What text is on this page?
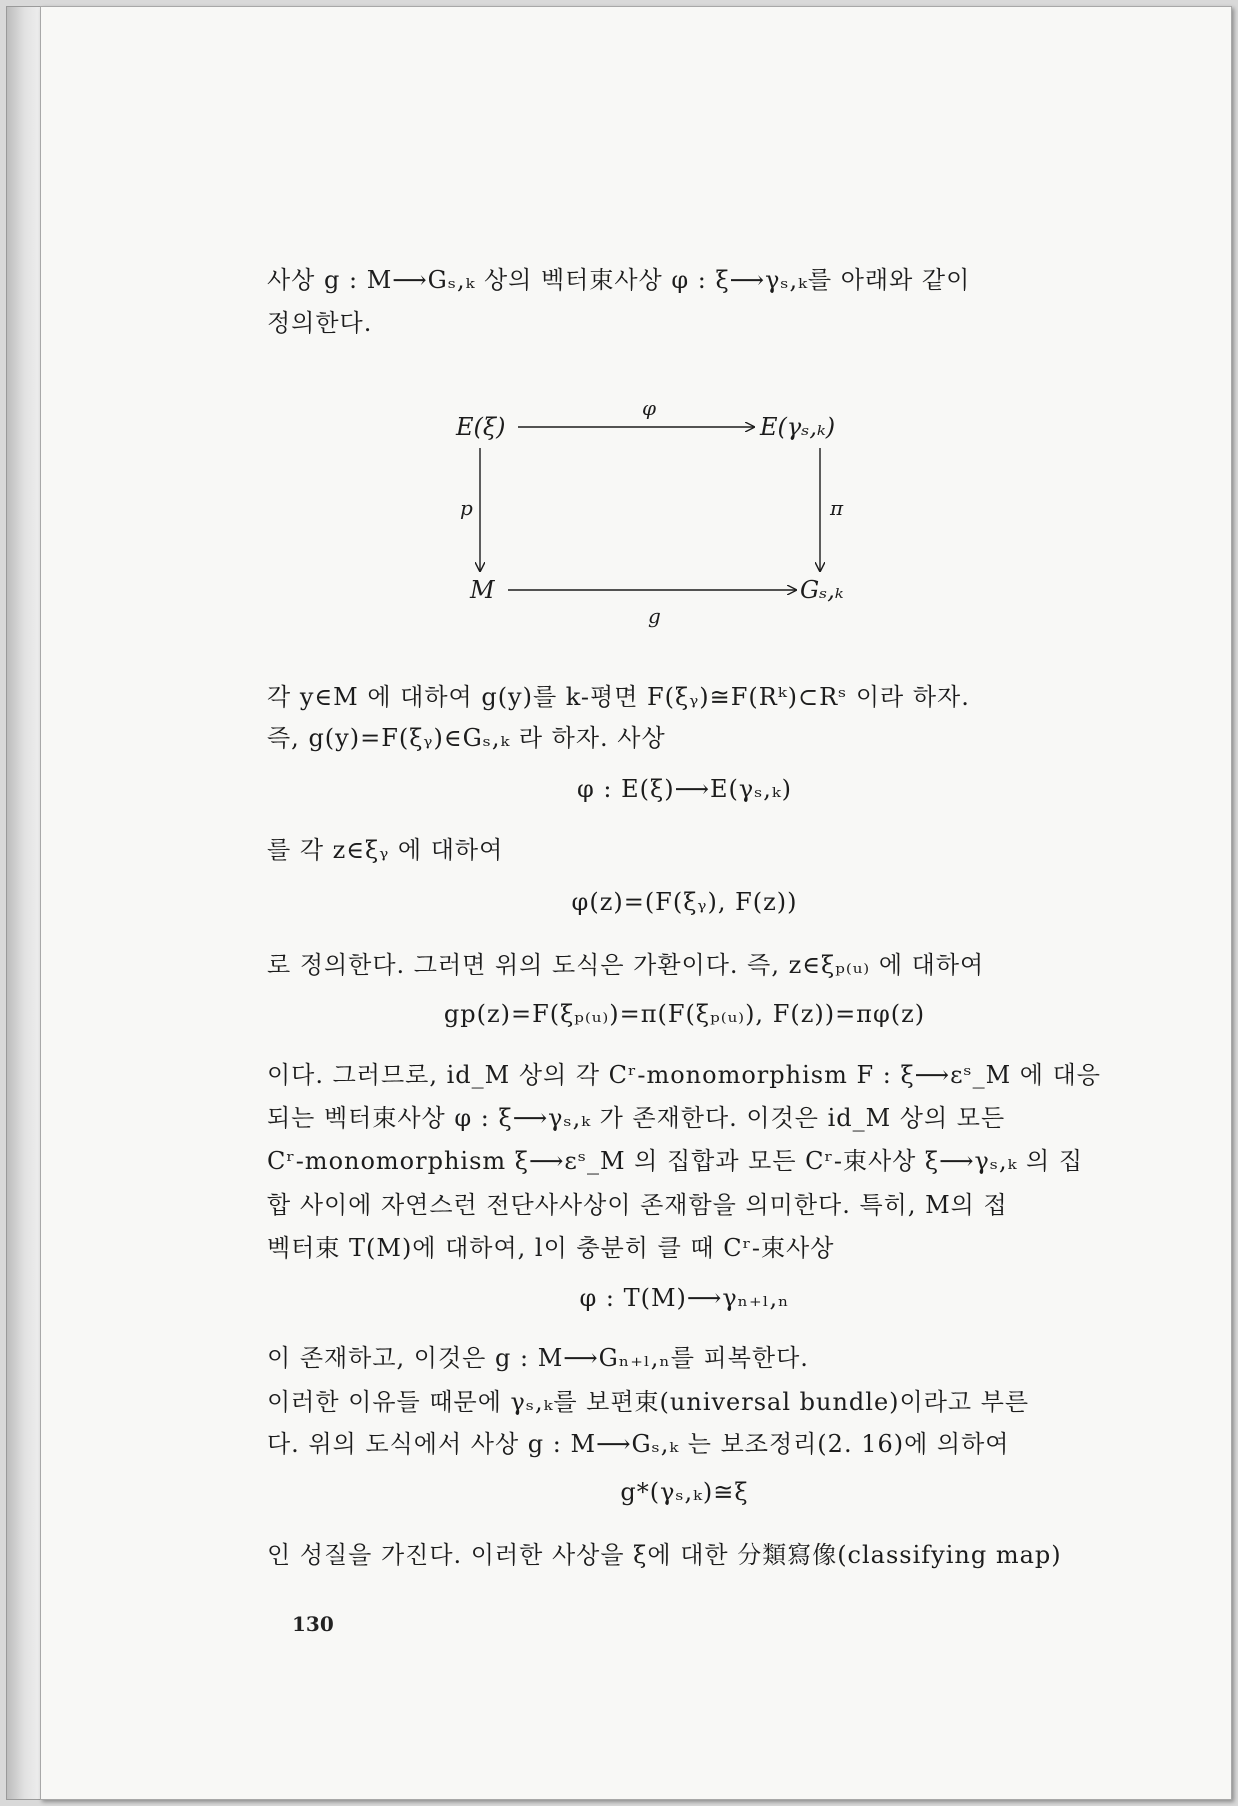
사상 g : M⟶Gₛ,ₖ 상의 벡터束사상 φ : ξ⟶γₛ,ₖ를 아래와 같이
정의한다.
E(ξ)	E(γₛ,ₖ)
M	Gₛ,ₖ
φ
p	π
g
각 y∈M 에 대하여 g(y)를 k-평면 F(ξᵧ)≅F(Rᵏ)⊂Rˢ 이라 하자.
즉, g(y)=F(ξᵧ)∈Gₛ,ₖ 라 하자. 사상
φ : E(ξ)⟶E(γₛ,ₖ)
를 각 z∈ξᵧ 에 대하여
φ(z)=(F(ξᵧ), F(z))
로 정의한다. 그러면 위의 도식은 가환이다. 즉, z∈ξₚ₍ᵤ₎ 에 대하여
gp(z)=F(ξₚ₍ᵤ₎)=π(F(ξₚ₍ᵤ₎), F(z))=πφ(z)
이다. 그러므로, id_M 상의 각 Cʳ-monomorphism F : ξ⟶εˢ_M 에 대응
되는 벡터束사상 φ : ξ⟶γₛ,ₖ 가 존재한다. 이것은 id_M 상의 모든
Cʳ-monomorphism ξ⟶εˢ_M 의 집합과 모든 Cʳ-束사상 ξ⟶γₛ,ₖ 의 집
합 사이에 자연스런 전단사사상이 존재함을 의미한다. 특히, M의 접
벡터束 T(M)에 대하여, l이 충분히 클 때 Cʳ-束사상
φ : T(M)⟶γₙ₊ₗ,ₙ
이 존재하고, 이것은 g : M⟶Gₙ₊ₗ,ₙ를 피복한다.
이러한 이유들 때문에 γₛ,ₖ를 보편束(universal bundle)이라고 부른
다. 위의 도식에서 사상 g : M⟶Gₛ,ₖ 는 보조정리(2. 16)에 의하여
g*(γₛ,ₖ)≅ξ
인 성질을 가진다. 이러한 사상을 ξ에 대한 分類寫像(classifying map)
130
